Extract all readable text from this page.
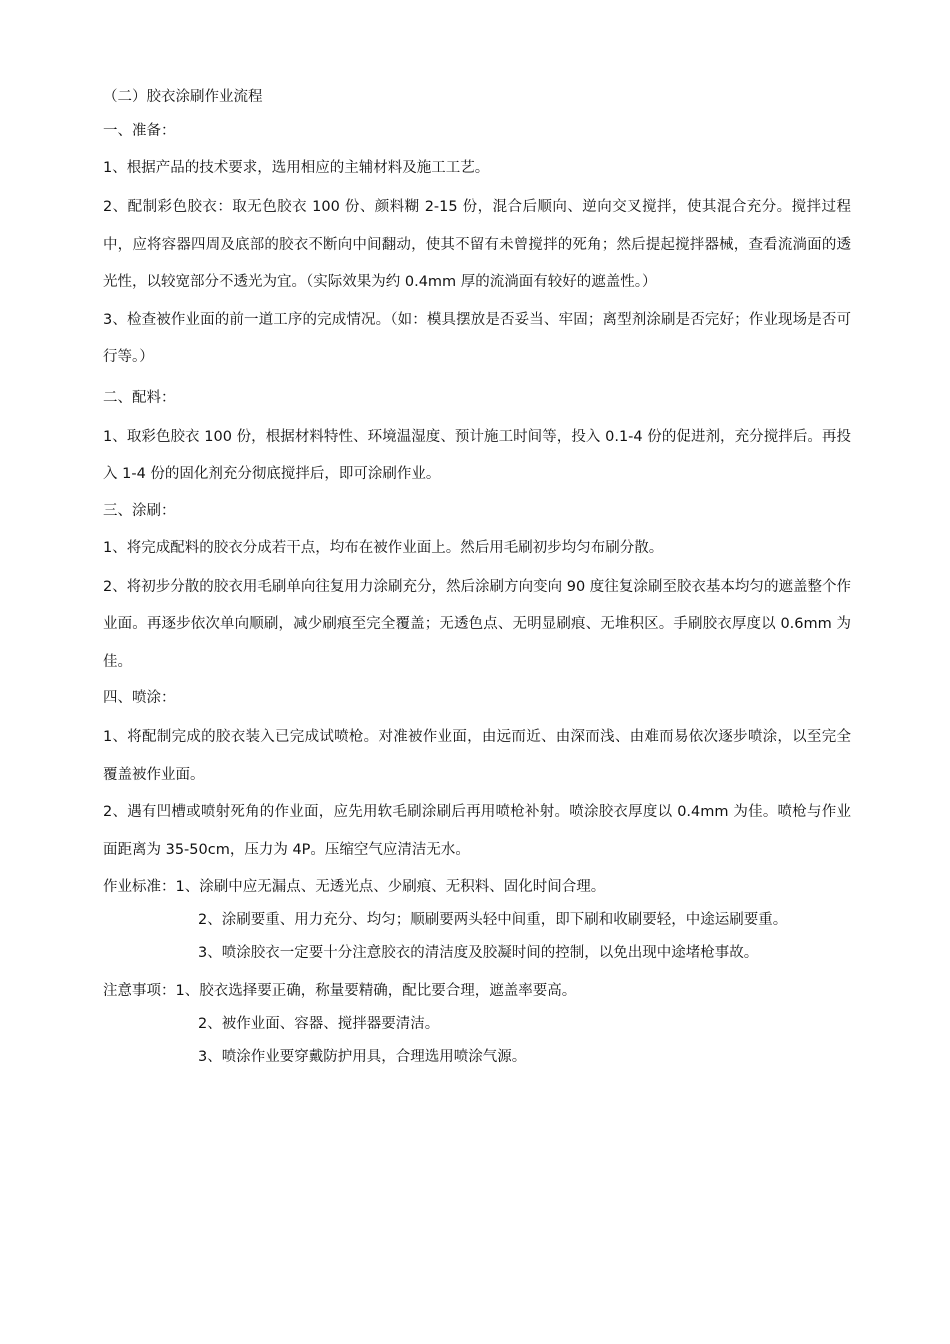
（二）胶衣涂刷作业流程

一、准备：

1、根据产品的技术要求，选用相应的主辅材料及施工工艺。

2、配制彩色胶衣：取无色胶衣 100 份、颜料糊 2-15 份，混合后顺向、逆向交叉搅拌，使其混合充分。搅拌过程中，应将容器四周及底部的胶衣不断向中间翻动，使其不留有未曾搅拌的死角；然后提起搅拌器械，查看流淌面的透光性，以较宽部分不透光为宜。（实际效果为约 0.4mm 厚的流淌面有较好的遮盖性。）

3、检查被作业面的前一道工序的完成情况。（如：模具摆放是否妥当、牢固；离型剂涂刷是否完好；作业现场是否可行等。）

二、配料：

1、取彩色胶衣 100 份，根据材料特性、环境温湿度、预计施工时间等，投入 0.1-4 份的促进剂，充分搅拌后。再投入 1-4 份的固化剂充分彻底搅拌后，即可涂刷作业。

三、涂刷：

1、将完成配料的胶衣分成若干点，均布在被作业面上。然后用毛刷初步均匀布刷分散。

2、将初步分散的胶衣用毛刷单向往复用力涂刷充分，然后涂刷方向变向 90 度往复涂刷至胶衣基本均匀的遮盖整个作业面。再逐步依次单向顺刷，减少刷痕至完全覆盖；无透色点、无明显刷痕、无堆积区。手刷胶衣厚度以 0.6mm 为佳。

四、喷涂：

1、将配制完成的胶衣装入已完成试喷枪。对准被作业面，由远而近、由深而浅、由难而易依次逐步喷涂，以至完全覆盖被作业面。

2、遇有凹槽或喷射死角的作业面，应先用软毛刷涂刷后再用喷枪补射。喷涂胶衣厚度以 0.4mm 为佳。喷枪与作业面距离为 35-50cm，压力为 4P。压缩空气应清洁无水。

作业标准：1、涂刷中应无漏点、无透光点、少刷痕、无积料、固化时间合理。

2、涂刷要重、用力充分、均匀；顺刷要两头轻中间重，即下刷和收刷要轻，中途运刷要重。

3、喷涂胶衣一定要十分注意胶衣的清洁度及胶凝时间的控制，以免出现中途堵枪事故。

注意事项：1、胶衣选择要正确，称量要精确，配比要合理，遮盖率要高。

2、被作业面、容器、搅拌器要清洁。

3、喷涂作业要穿戴防护用具，合理选用喷涂气源。
